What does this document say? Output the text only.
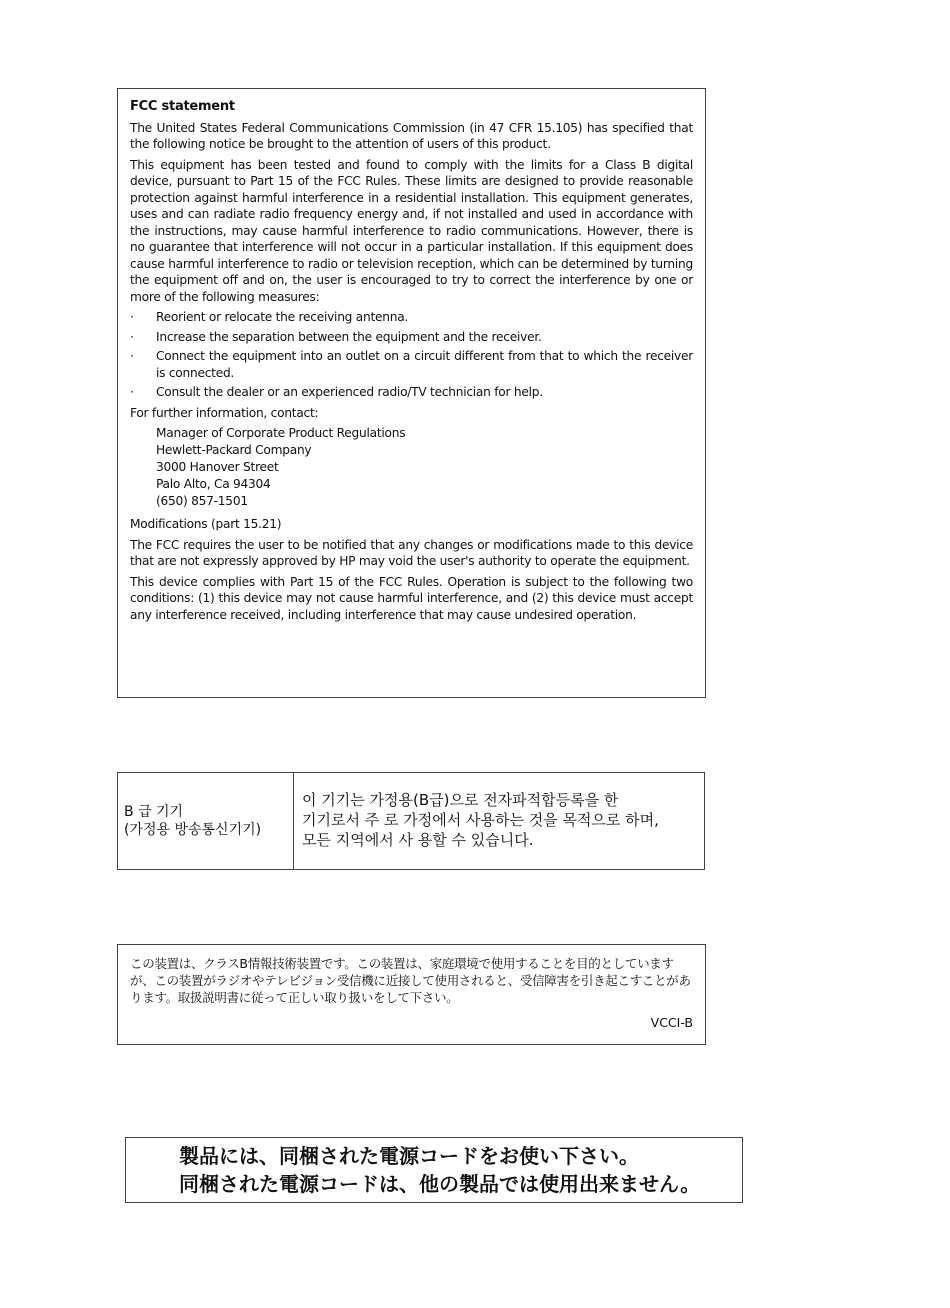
FCC statement

The United States Federal Communications Commission (in 47 CFR 15.105) has specified that the following notice be brought to the attention of users of this product.

This equipment has been tested and found to comply with the limits for a Class B digital device, pursuant to Part 15 of the FCC Rules. These limits are designed to provide reasonable protection against harmful interference in a residential installation. This equipment generates, uses and can radiate radio frequency energy and, if not installed and used in accordance with the instructions, may cause harmful interference to radio communications. However, there is no guarantee that interference will not occur in a particular installation. If this equipment does cause harmful interference to radio or television reception, which can be determined by turning the equipment off and on, the user is encouraged to try to correct the interference by one or more of the following measures:

· Reorient or relocate the receiving antenna.
· Increase the separation between the equipment and the receiver.
· Connect the equipment into an outlet on a circuit different from that to which the receiver is connected.
· Consult the dealer or an experienced radio/TV technician for help.

For further information, contact:

Manager of Corporate Product Regulations
Hewlett-Packard Company
3000 Hanover Street
Palo Alto, Ca 94304
(650) 857-1501

Modifications (part 15.21)

The FCC requires the user to be notified that any changes or modifications made to this device that are not expressly approved by HP may void the user's authority to operate the equipment.

This device complies with Part 15 of the FCC Rules. Operation is subject to the following two conditions: (1) this device may not cause harmful interference, and (2) this device must accept any interference received, including interference that may cause undesired operation.

B 급 기기
(가정용 방송통신기기)
이 기기는 가정용(B급)으로 전자파적합등록을 한
기기로서 주 로 가정에서 사용하는 것을 목적으로 하며,
모든 지역에서 사 용할 수 있습니다.
この装置は、クラスB情報技術装置です。この装置は、家庭環境で使用することを目的としていますが、この装置がラジオやテレビジョン受信機に近接して使用されると、受信障害を引き起こすことがあります。取扱説明書に従って正しい取り扱いをして下さい。
VCCI-B
製品には、同梱された電源コードをお使い下さい。
同梱された電源コードは、他の製品では使用出来ません。
